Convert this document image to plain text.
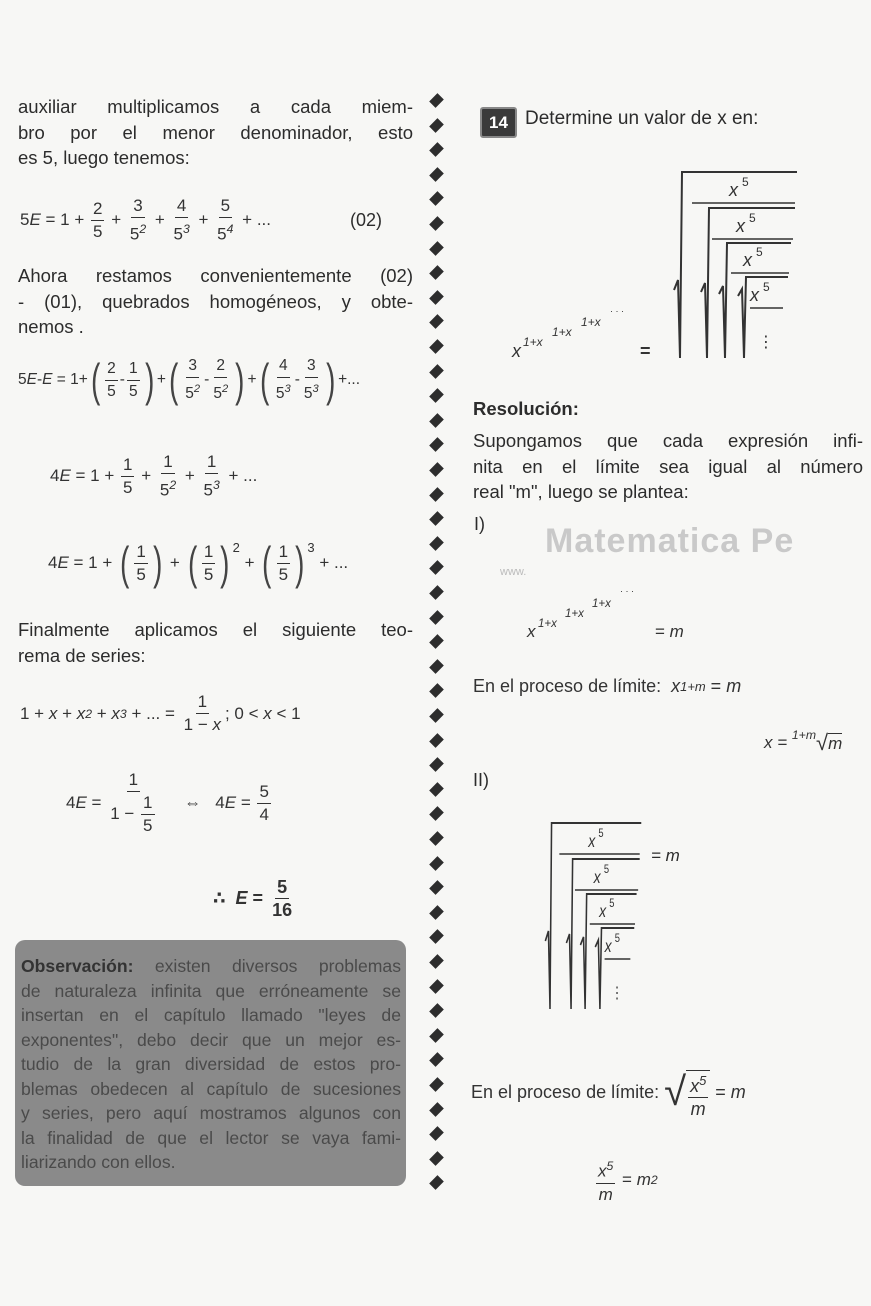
Matematica Pe
www.
auxiliar multiplicamos a cada miem-
bro por el menor denominador, esto
es 5, luego tenemos:
5 $E = 1 + \frac{2}{5} + \frac{3}{5^2} + \frac{4}{5^3} + \frac{5}{5^4}$ + ...	(02)
Ahora restamos convenientemente (02)
- (01), quebrados homogéneos, y obte-
nemos .
5 E - E = 1+ ( $\frac{2}{5} - \frac{1}{5}$ ) + ( $\frac{3}{5^2} - \frac{2}{5^2}$ ) + ( $\frac{4}{5^3} - \frac{3}{5^3}$ ) +...
4 $E = 1 + \frac{1}{5} + \frac{1}{5^2} + \frac{1}{5^3}$ + ...
4 E = 1 + ( $\frac{1}{5}$ ) + ( $\frac{1}{5} )^2$
+ ( $\frac{1}{5} )^3$
+ ...
Finalmente aplicamos el siguiente teo-
rema de series:
1 + x + x 2 + x 3 + ... = $\frac{1}{1 - x}$ ; 0 < x < 1
4 $E = \frac{1}{1 - \frac{1}{5}}$ ⇔   4 $E = \frac{5}{4}$
∴ $E = \frac{5}{16}$
Observación: existen diversos problemas
de naturaleza infinita que erróneamente se
insertan en el capítulo llamado "leyes de
exponentes", debo decir que un mejor es-
tudio de la gran diversidad de estos pro-
blemas obedecen al capítulo de sucesiones
y series, pero aquí mostramos algunos con
la finalidad de que el lector se vaya fami-
liarizando con ellos.
14 Determine un valor de x en:
x 1+x
1+x
1+x
· · ·
=
x 5
x 5
x 5
x 5
⋮
x 1+x
1+x
1+x
· · ·
x 5
x 5
x 5
x 5
⋮
= m
Resolución:
Supongamos que cada expresión infi-
nita en el límite sea igual al número
real "m", luego se plantea:
I)
En el proceso de límite: x 1+m = m
x = $^{1+m}$ √ m
II)
= m
En el proceso de límite: √ $\frac{x^5}{m} = m$
$\frac{x^5}{m} = m$ 2
